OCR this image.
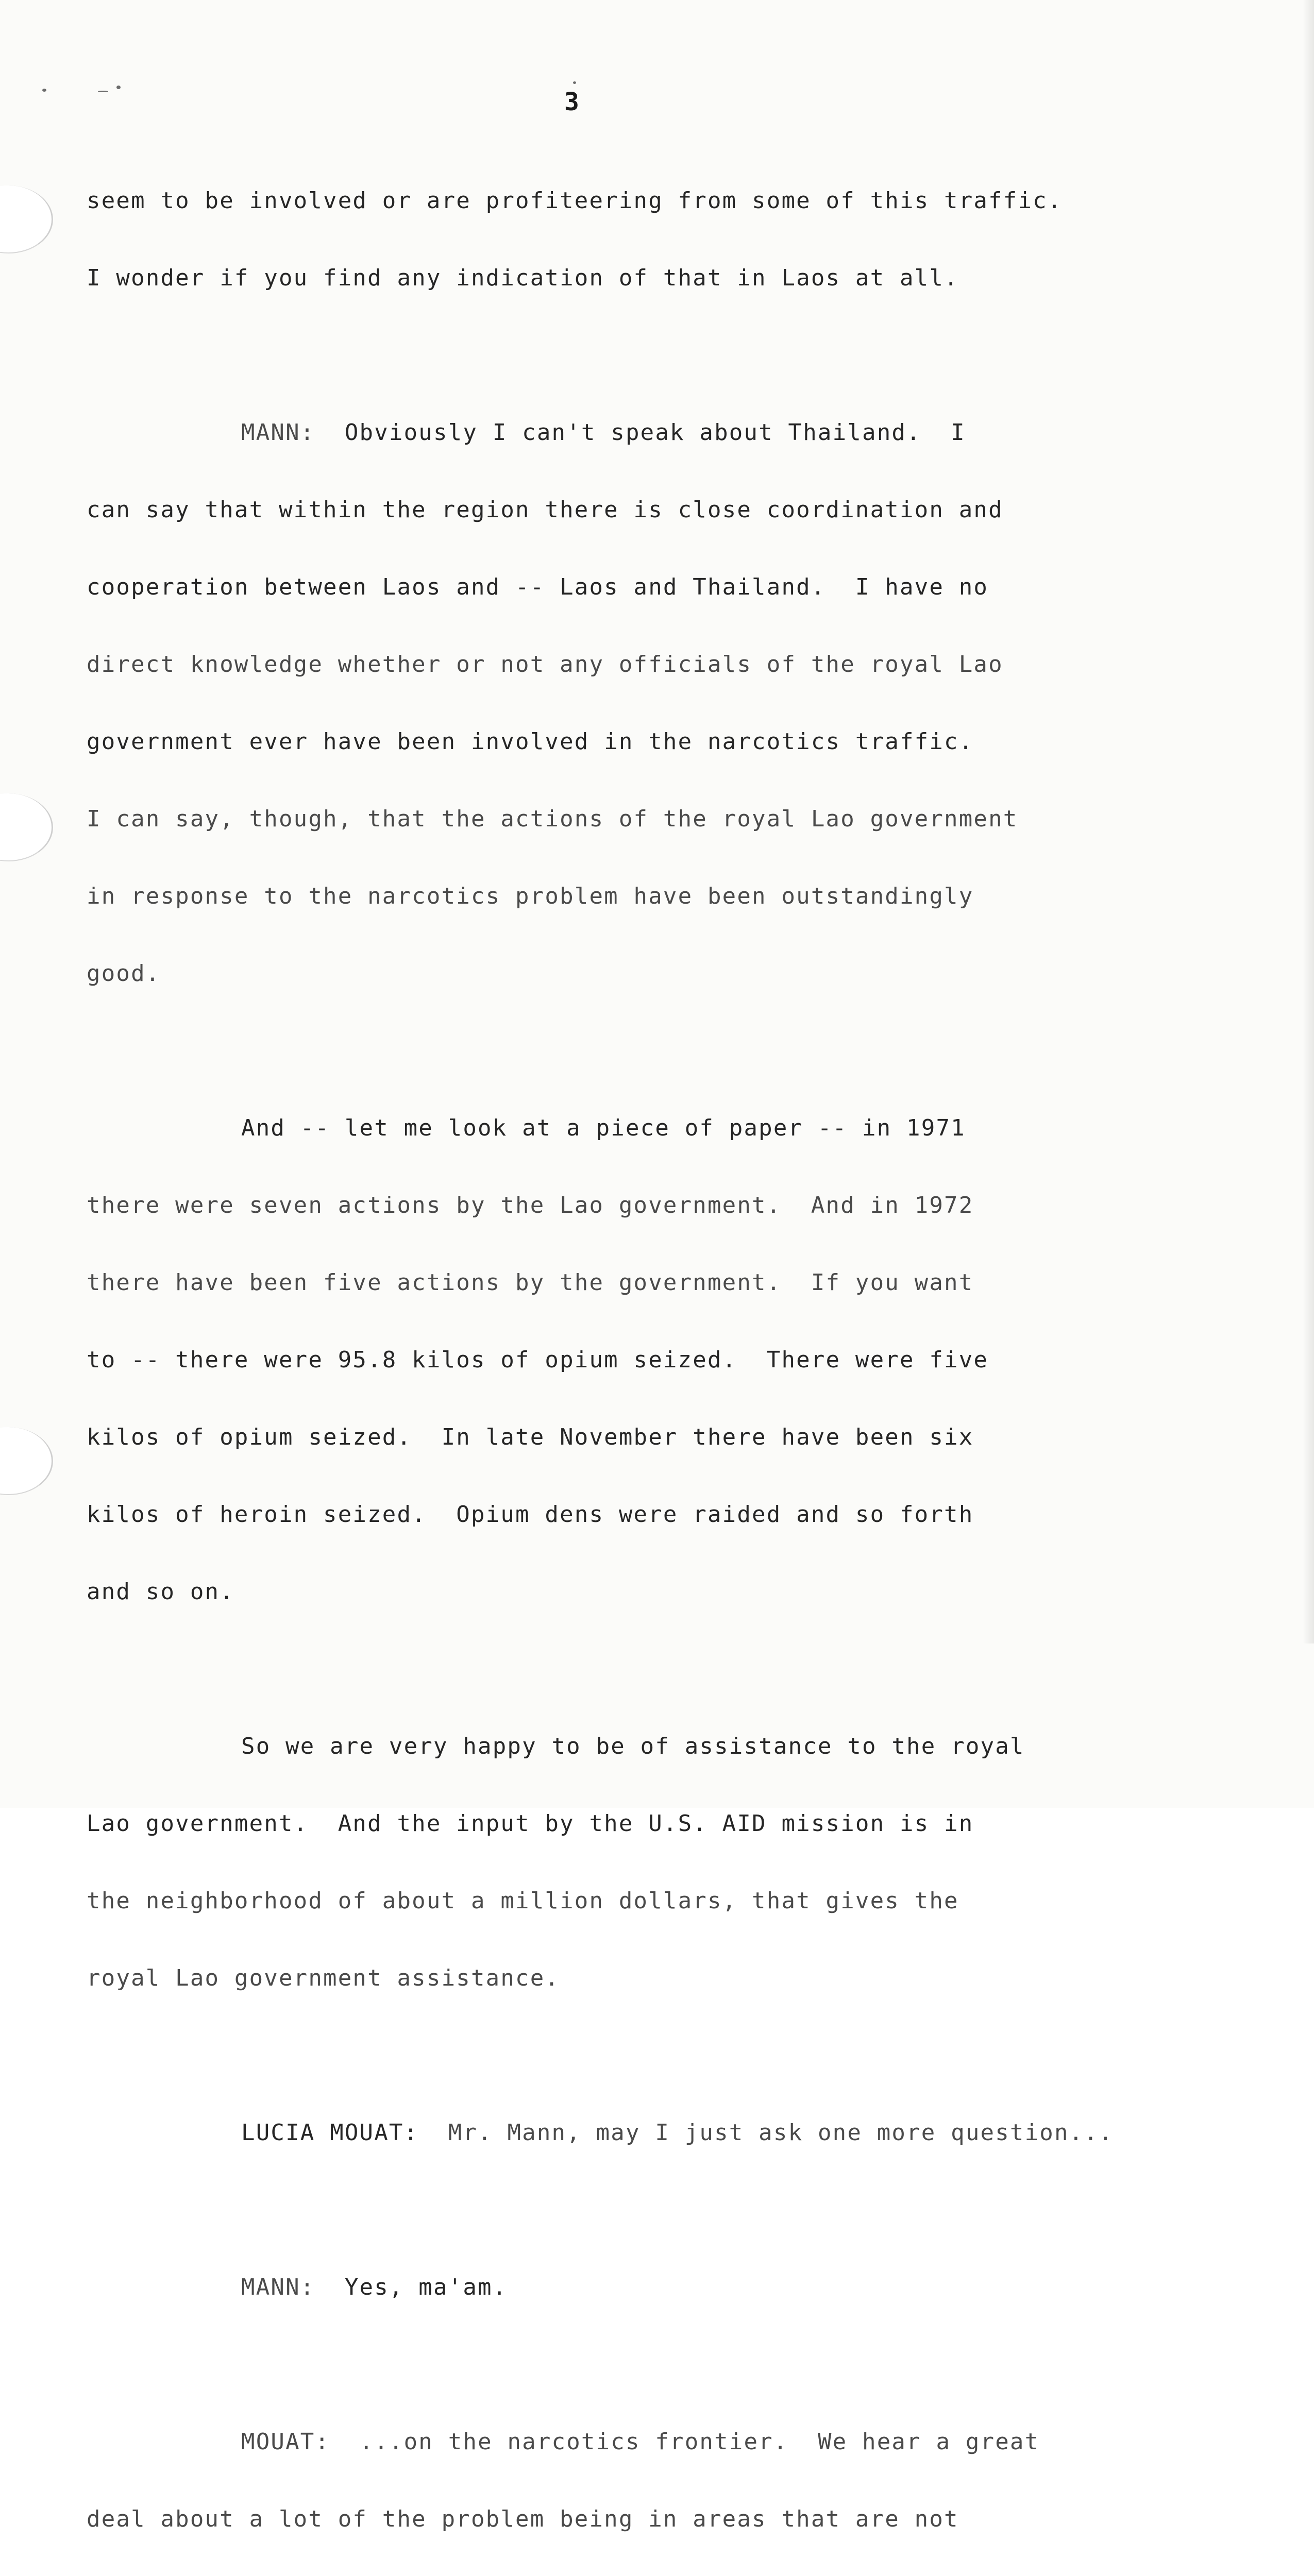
3

seem to be involved or are profiteering from some of this traffic.

I wonder if you find any indication of that in Laos at all.

MANN: Obviously I can't speak about Thailand.  I

can say that within the region there is close coordination and

cooperation between Laos and -- Laos and Thailand.  I have no

direct knowledge whether or not any officials of the royal Lao

government ever have been involved in the narcotics traffic.

I can say, though, that the actions of the royal Lao government

in response to the narcotics problem have been outstandingly

good.

And -- let me look at a piece of paper -- in 1971

there were seven actions by the Lao government.  And in 1972

there have been five actions by the government.  If you want

to -- there were 95.8 kilos of opium seized.  There were five

kilos of opium seized.  In late November there have been six

kilos of heroin seized.  Opium dens were raided and so forth

and so on.

So we are very happy to be of assistance to the royal

Lao government.  And the input by the U.S. AID mission is in

the neighborhood of about a million dollars, that gives the

royal Lao government assistance.

LUCIA MOUAT: Mr. Mann, may I just ask one more question...

MANN: Yes, ma'am.

MOUAT: ...on the narcotics frontier.  We hear a great

deal about a lot of the problem being in areas that are not
